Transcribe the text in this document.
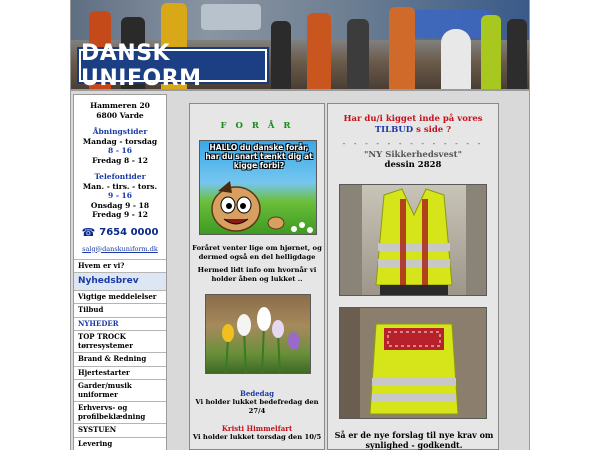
DANSK UNIFORM
Hammeren 20
6800 Varde
Åbningstider
Mandag - torsdag
8 - 16
Fredag 8 - 12
Telefontider
Man. - tirs. - tors.
9 - 16
Onsdag 9 - 18
Fredag 9 - 12
☎ 7654 0000
salg@danskuniform.dk
Hvem er vi?
Nyhedsbrev
Vigtige meddelelser
Tilbud
NYHEDER
TOP TROCK tørresystemer
Brand & Redning
Hjertestarter
Garder/musik uniformer
Erhvervs- og profilbeklædning
SYSTUEN
Levering
F O R Å R
HALLO du danske forår, har du snart tænkt dig at kigge forbi?
Foråret venter lige om hjørnet, og dermed også en del helligdage
Hermed lidt info om hvornår vi holder åben og lukket ..
Bededag
Vi holder lukket bedefredag den 27/4
Kristi Himmelfart
Vi holder lukket torsdag den 10/5
Har du/i kigget inde på vores
TILBUD s side ?
- - - - - - - - - - - - -
"NY Sikkerhedsvest"
dessin 2828
Så er de nye forslag til nye krav om synlighed - godkendt.
